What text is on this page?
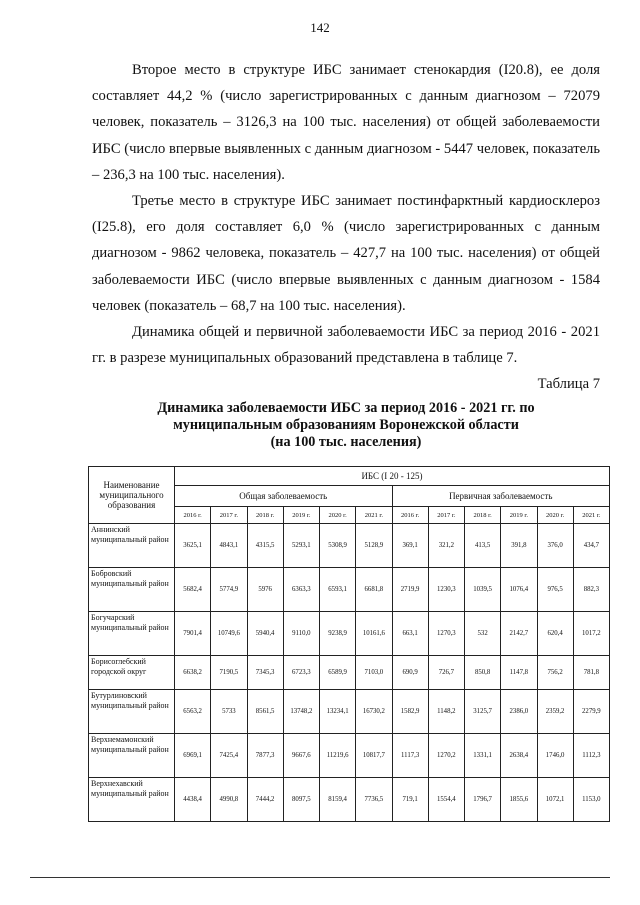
142

Второе место в структуре ИБС занимает стенокардия (I20.8), ее доля составляет 44,2 % (число зарегистрированных с данным диагнозом – 72079 человек, показатель – 3126,3 на 100 тыс. населения) от общей заболеваемости ИБС (число впервые выявленных с данным диагнозом - 5447 человек, показатель – 236,3 на 100 тыс. населения).

Третье место в структуре ИБС занимает постинфарктный кардиосклероз (I25.8), его доля составляет 6,0 % (число зарегистрированных с данным диагнозом - 9862 человека, показатель – 427,7 на 100 тыс. населения) от общей заболеваемости ИБС (число впервые выявленных с данным диагнозом - 1584 человек (показатель – 68,7 на 100 тыс. населения).

Динамика общей и первичной заболеваемости ИБС за период 2016 - 2021 гг. в разрезе муниципальных образований представлена в таблице 7.

Таблица 7

Динамика заболеваемости ИБС за период 2016 - 2021 гг. по
муниципальным образованиям Воронежской области
(на 100 тыс. населения)
Наименование муниципального образования	ИБС (I 20 - 125)											
	Общая заболеваемость						Первичная заболеваемость					
	2016 г.	2017 г.	2018 г.	2019 г.	2020 г.	2021 г.	2016 г.	2017 г.	2018 г.	2019 г.	2020 г.	2021 г.
Аннинский муниципальный район	3625,1	4843,1	4315,5	5293,1	5308,9	5128,9	369,1	321,2	413,5	391,8	376,0	434,7
Бобровский муниципальный район	5682,4	5774,9	5976	6363,3	6593,1	6681,8	2719,9	1230,3	1039,5	1076,4	976,5	882,3
Богучарский муниципальный район	7901,4	10749,6	5940,4	9110,0	9238,9	10161,6	663,1	1270,3	532	2142,7	620,4	1017,2
Борисоглебский городской округ	6638,2	7190,5	7345,3	6723,3	6589,9	7103,0	690,9	726,7	850,8	1147,8	756,2	781,8
Бутурлиновский муниципальный район	6563,2	5733	8561,5	13748,2	13234,1	16730,2	1582,9	1148,2	3125,7	2386,0	2359,2	2279,9
Верхнемамонский муниципальный район	6969,1	7425,4	7877,3	9667,6	11219,6	10817,7	1117,3	1270,2	1331,1	2638,4	1746,0	1112,3
Верхнехавский муниципальный район	4438,4	4990,8	7444,2	8097,5	8159,4	7736,5	719,1	1554,4	1796,7	1855,6	1072,1	1153,0
